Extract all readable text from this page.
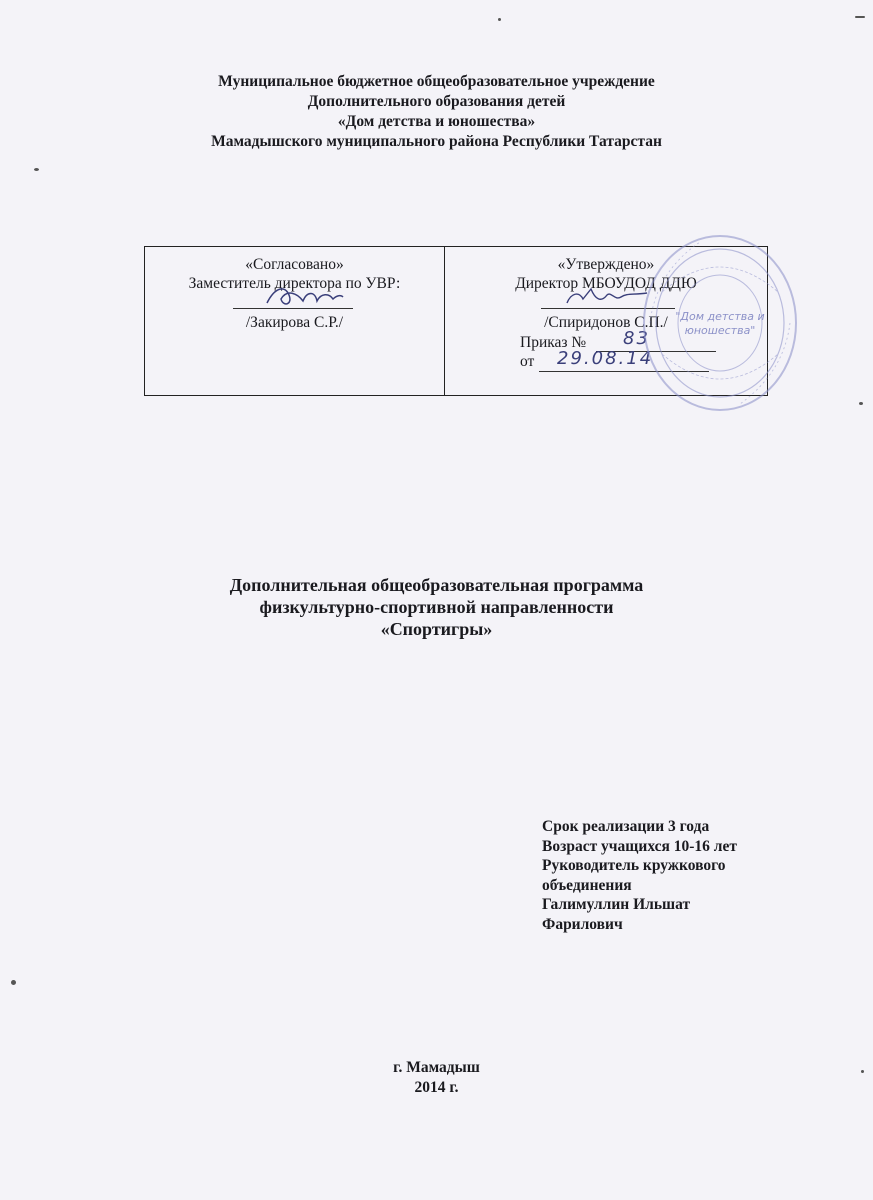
Муниципальное бюджетное общеобразовательное учреждение
Дополнительного образования детей
«Дом детства и юношества»
Мамадышского муниципального района Республики Татарстан
«Согласовано»
Заместитель директора по УВР:
/Закирова С.Р./
«Утверждено»
Директор МБОУДОД ДДЮ
/Спиридонов С.П./
Приказ № 83
от 29.08.14
"Дом детства и
юношества"
Дополнительная общеобразовательная программа
физкультурно-спортивной направленности
«Спортигры»
Срок реализации 3 года
Возраст учащихся 10-16 лет
Руководитель кружкового
объединения
Галимуллин Ильшат
Фарилович
г. Мамадыш
2014 г.
